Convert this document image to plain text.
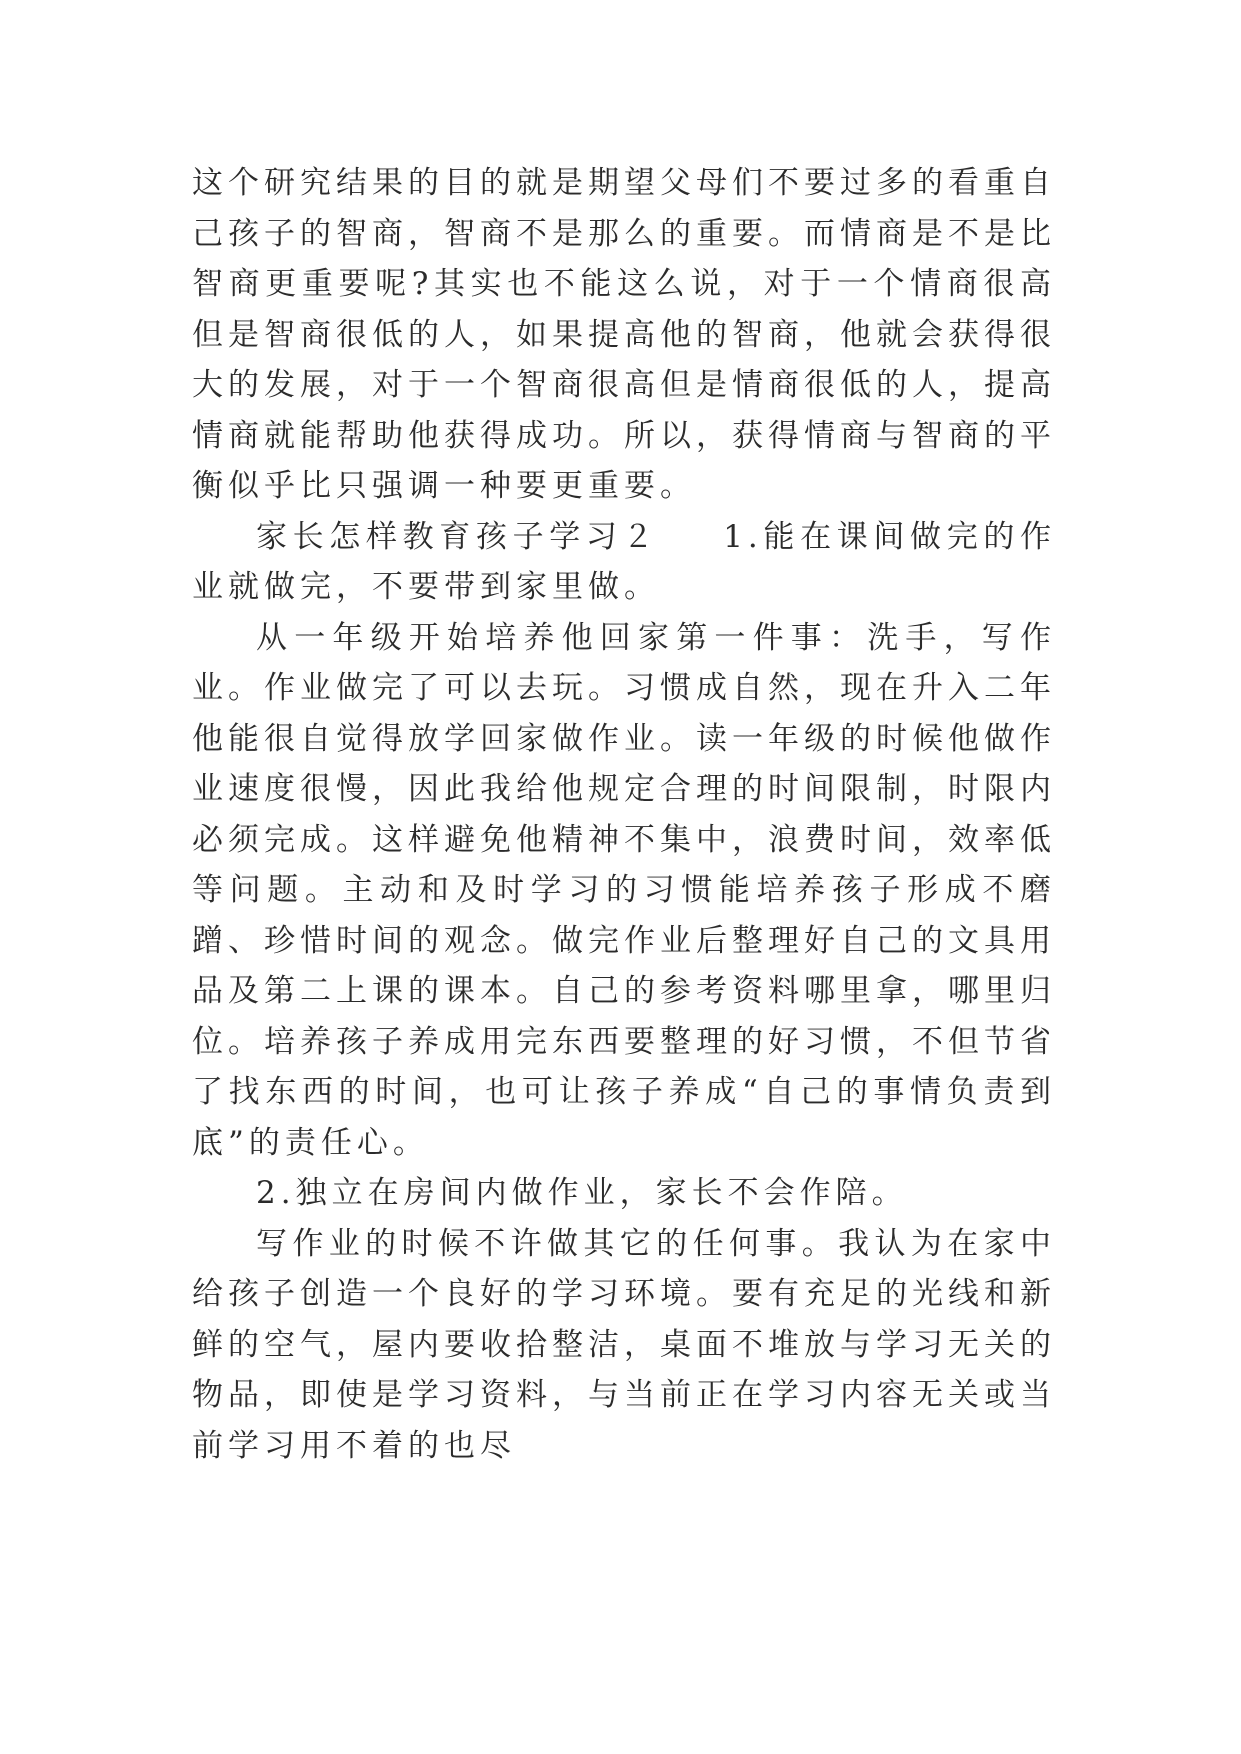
这个研究结果的目的就是期望父母们不要过多的看重自己孩子的智商，智商不是那么的重要。而情商是不是比智商更重要呢?其实也不能这么说，对于一个情商很高但是智商很低的人，如果提高他的智商，他就会获得很大的发展，对于一个智商很高但是情商很低的人，提高情商就能帮助他获得成功。所以，获得情商与智商的平衡似乎比只强调一种要更重要。

家长怎样教育孩子学习２ 1.能在课间做完的作业就做完，不要带到家里做。

从一年级开始培养他回家第一件事：洗手，写作业。作业做完了可以去玩。习惯成自然，现在升入二年他能很自觉得放学回家做作业。读一年级的时候他做作业速度很慢，因此我给他规定合理的时间限制，时限内必须完成。这样避免他精神不集中，浪费时间，效率低等问题。主动和及时学习的习惯能培养孩子形成不磨蹭、珍惜时间的观念。做完作业后整理好自己的文具用品及第二上课的课本。自己的参考资料哪里拿，哪里归位。培养孩子养成用完东西要整理的好习惯，不但节省了找东西的时间，也可让孩子养成“自己的事情负责到底”的责任心。

2.独立在房间内做作业，家长不会作陪。

写作业的时候不许做其它的任何事。我认为在家中给孩子创造一个良好的学习环境。要有充足的光线和新鲜的空气，屋内要收拾整洁，桌面不堆放与学习无关的物品，即使是学习资料，与当前正在学习内容无关或当前学习用不着的也尽
